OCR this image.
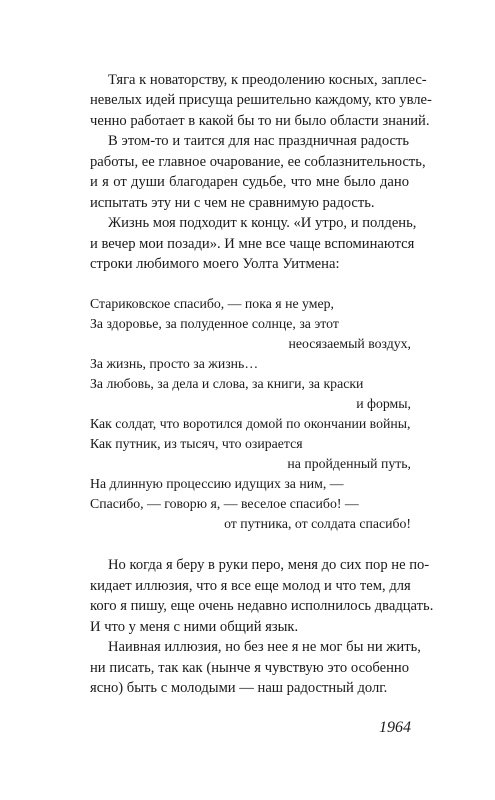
Тяга к новаторству, к преодолению косных, заплес-
невелых идей присуща решительно каждому, кто увле-
ченно работает в какой бы то ни было области знаний.
В этом-то и таится для нас праздничная радость
работы, ее главное очарование, ее соблазнительность,
и я от души благодарен судьбе, что мне было дано
испытать эту ни с чем не сравнимую радость.
Жизнь моя подходит к концу. «И утро, и полдень,
и вечер мои позади». И мне все чаще вспоминаются
строки любимого моего Уолта Уитмена:
Стариковское спасибо, — пока я не умер,
За здоровье, за полуденное солнце, за этот
неосязаемый воздух,
За жизнь, просто за жизнь…
За любовь, за дела и слова, за книги, за краски
и формы,
Как солдат, что воротился домой по окончании войны,
Как путник, из тысяч, что озирается
на пройденный путь,
На длинную процессию идущих за ним, —
Спасибо, — говорю я, — веселое спасибо! —
от путника, от солдата спасибо!
Но когда я беру в руки перо, меня до сих пор не по-
кидает иллюзия, что я все еще молод и что тем, для
кого я пишу, еще очень недавно исполнилось двадцать.
И что у меня с ними общий язык.
Наивная иллюзия, но без нее я не мог бы ни жить,
ни писать, так как (нынче я чувствую это особенно
ясно) быть с молодыми — наш радостный долг.
1964
